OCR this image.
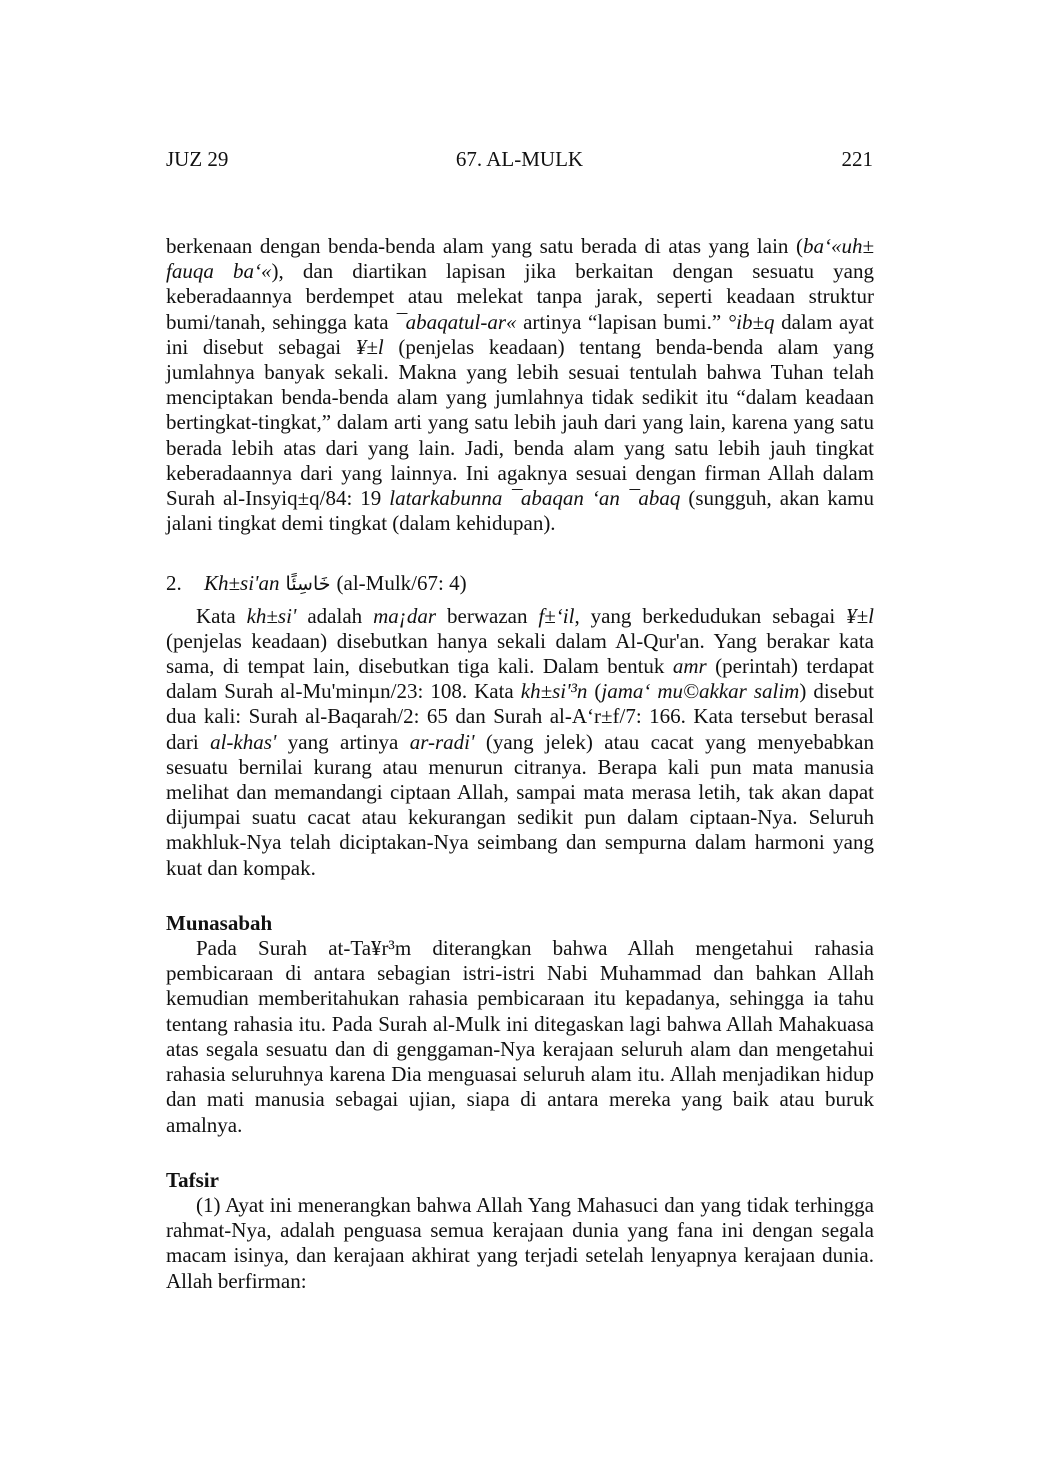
JUZ 29	67. AL-MULK	221

berkenaan dengan benda-benda alam yang satu berada di atas yang lain (ba‘«uh± fauqa ba‘«), dan diartikan lapisan jika berkaitan dengan sesuatu yang keberadaannya berdempet atau melekat tanpa jarak, seperti keadaan struktur bumi/tanah, sehingga kata ¯abaqatul-ar« artinya “lapisan bumi.” °ib±q dalam ayat ini disebut sebagai ¥±l (penjelas keadaan) tentang benda-benda alam yang jumlahnya banyak sekali. Makna yang lebih sesuai tentulah bahwa Tuhan telah menciptakan benda-benda alam yang jumlahnya tidak sedikit itu “dalam keadaan bertingkat-tingkat,” dalam arti yang satu lebih jauh dari yang lain, karena yang satu berada lebih atas dari yang lain. Jadi, benda alam yang satu lebih jauh tingkat keberadaannya dari yang lainnya. Ini agaknya sesuai dengan firman Allah dalam Surah al-Insyiq±q/84: 19 latarkabunna ¯abaqan ‘an ¯abaq (sungguh, akan kamu jalani tingkat demi tingkat (dalam kehidupan).

2.	Kh±si'an خَاسِئًا (al-Mulk/67: 4)

Kata kh±si' adalah ma¡dar berwazan f±‘il, yang berkedudukan sebagai ¥±l (penjelas keadaan) disebutkan hanya sekali dalam Al-Qur'an. Yang berakar kata sama, di tempat lain, disebutkan tiga kali. Dalam bentuk amr (perintah) terdapat dalam Surah al-Mu'minµn/23: 108. Kata kh±si'³n (jama‘ mu©akkar salim) disebut dua kali: Surah al-Baqarah/2: 65 dan Surah al-A‘r±f/7: 166. Kata tersebut berasal dari al-khas' yang artinya ar-radi' (yang jelek) atau cacat yang menyebabkan sesuatu bernilai kurang atau menurun citranya. Berapa kali pun mata manusia melihat dan memandangi ciptaan Allah, sampai mata merasa letih, tak akan dapat dijumpai suatu cacat atau kekurangan sedikit pun dalam ciptaan-Nya. Seluruh makhluk-Nya telah diciptakan-Nya seimbang dan sempurna dalam harmoni yang kuat dan kompak.

Munasabah

Pada Surah at-Ta¥r³m diterangkan bahwa Allah mengetahui rahasia pembicaraan di antara sebagian istri-istri Nabi Muhammad dan bahkan Allah kemudian memberitahukan rahasia pembicaraan itu kepadanya, sehingga ia tahu tentang rahasia itu. Pada Surah al-Mulk ini ditegaskan lagi bahwa Allah Mahakuasa atas segala sesuatu dan di genggaman-Nya kerajaan seluruh alam dan mengetahui rahasia seluruhnya karena Dia menguasai seluruh alam itu. Allah menjadikan hidup dan mati manusia sebagai ujian, siapa di antara mereka yang baik atau buruk amalnya.

Tafsir

(1) Ayat ini menerangkan bahwa Allah Yang Mahasuci dan yang tidak terhingga rahmat-Nya, adalah penguasa semua kerajaan dunia yang fana ini dengan segala macam isinya, dan kerajaan akhirat yang terjadi setelah lenyapnya kerajaan dunia. Allah berfirman:
